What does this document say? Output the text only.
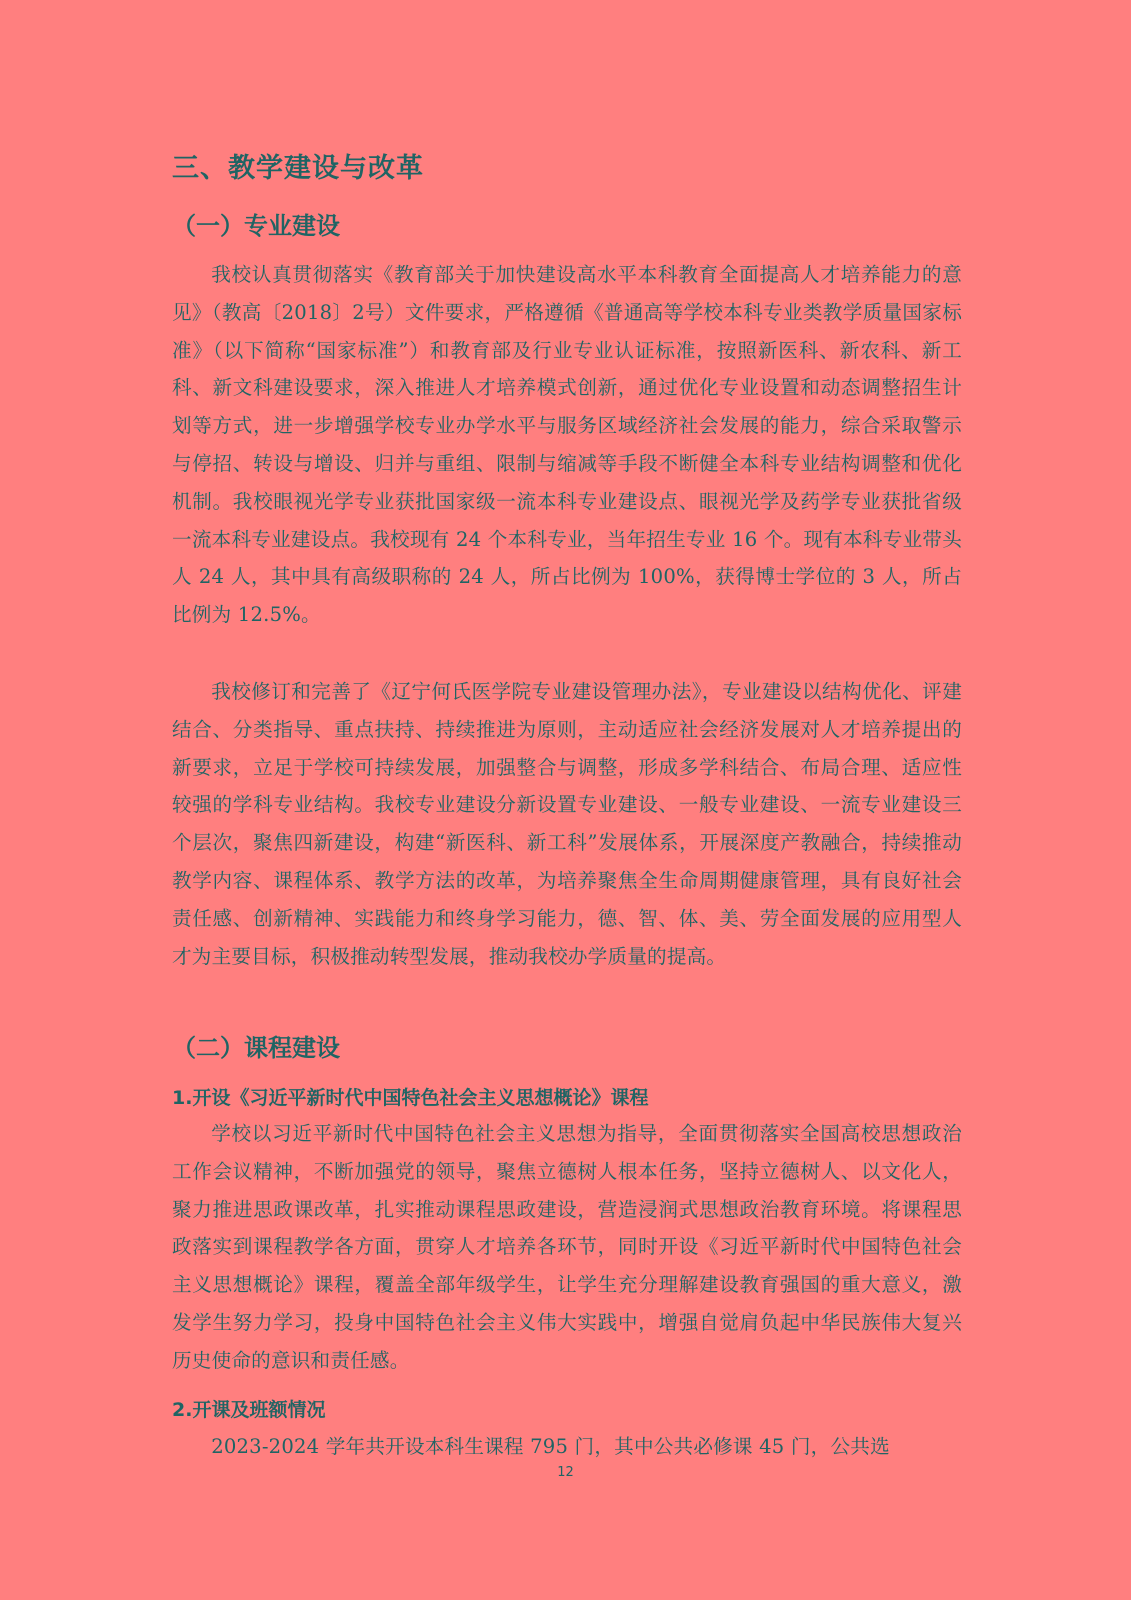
三、教学建设与改革
（一）专业建设

我校认真贯彻落实《教育部关于加快建设高水平本科教育全面提高人才培养能力的意见》（教高〔2018〕2号）文件要求，严格遵循《普通高等学校本科专业类教学质量国家标准》（以下简称“国家标准”）和教育部及行业专业认证标准，按照新医科、新农科、新工科、新文科建设要求，深入推进人才培养模式创新，通过优化专业设置和动态调整招生计划等方式，进一步增强学校专业办学水平与服务区域经济社会发展的能力，综合采取警示与停招、转设与增设、归并与重组、限制与缩减等手段不断健全本科专业结构调整和优化机制。我校眼视光学专业获批国家级一流本科专业建设点、眼视光学及药学专业获批省级一流本科专业建设点。我校现有 24 个本科专业，当年招生专业 16 个。现有本科专业带头人 24 人，其中具有高级职称的 24 人，所占比例为 100%，获得博士学位的 3 人，所占比例为 12.5%。

我校修订和完善了《辽宁何氏医学院专业建设管理办法》，专业建设以结构优化、评建结合、分类指导、重点扶持、持续推进为原则，主动适应社会经济发展对人才培养提出的新要求，立足于学校可持续发展，加强整合与调整，形成多学科结合、布局合理、适应性较强的学科专业结构。我校专业建设分新设置专业建设、一般专业建设、一流专业建设三个层次，聚焦四新建设，构建“新医科、新工科”发展体系，开展深度产教融合，持续推动教学内容、课程体系、教学方法的改革，为培养聚焦全生命周期健康管理，具有良好社会责任感、创新精神、实践能力和终身学习能力，德、智、体、美、劳全面发展的应用型人才为主要目标，积极推动转型发展，推动我校办学质量的提高。

（二）课程建设
1.开设《习近平新时代中国特色社会主义思想概论》课程

学校以习近平新时代中国特色社会主义思想为指导，全面贯彻落实全国高校思想政治工作会议精神，不断加强党的领导，聚焦立德树人根本任务，坚持立德树人、以文化人，聚力推进思政课改革，扎实推动课程思政建设，营造浸润式思想政治教育环境。将课程思政落实到课程教学各方面，贯穿人才培养各环节，同时开设《习近平新时代中国特色社会主义思想概论》课程，覆盖全部年级学生，让学生充分理解建设教育强国的重大意义，激发学生努力学习，投身中国特色社会主义伟大实践中，增强自觉肩负起中华民族伟大复兴历史使命的意识和责任感。

2.开课及班额情况

2023-2024 学年共开设本科生课程 795 门，其中公共必修课 45 门，公共选

12
